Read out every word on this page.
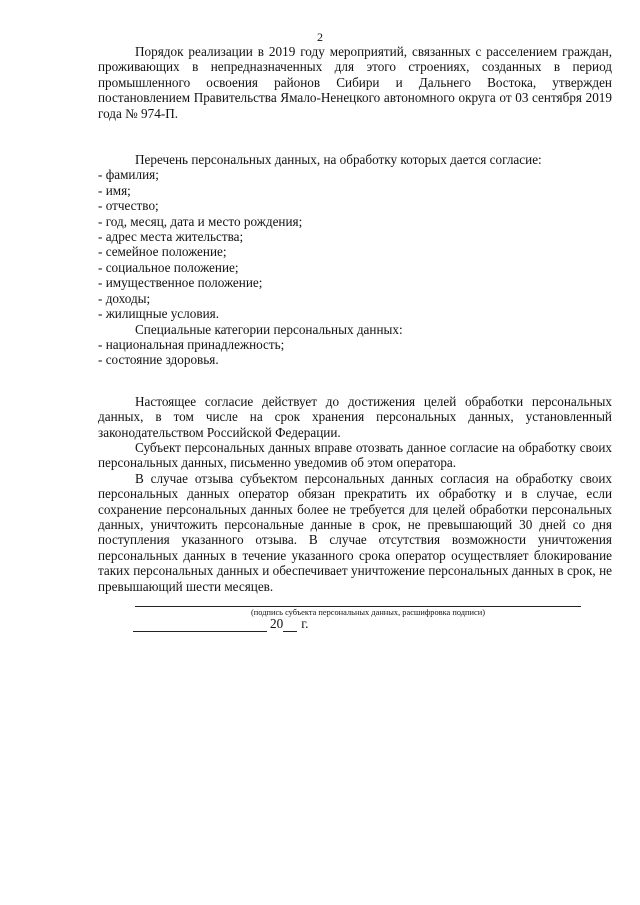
2

Порядок реализации в 2019 году мероприятий, связанных с расселением граждан, проживающих в непредназначенных для этого строениях, созданных в период промышленного освоения районов Сибири и Дальнего Востока, утвержден постановлением Правительства Ямало-Ненецкого автономного округа от 03 сентября 2019 года № 974-П.

Перечень персональных данных, на обработку которых дается согласие:

- фамилия;
- имя;
- отчество;
- год, месяц, дата и место рождения;
- адрес места жительства;
- семейное положение;
- социальное положение;
- имущественное положение;
- доходы;
- жилищные условия.

Специальные категории персональных данных:

- национальная принадлежность;
- состояние здоровья.

Настоящее согласие действует до достижения целей обработки персональных данных, в том числе на срок хранения персональных данных, установленный законодательством Российской Федерации.

Субъект персональных данных вправе отозвать данное согласие на обработку своих персональных данных, письменно уведомив об этом оператора.

В случае отзыва субъектом персональных данных согласия на обработку своих персональных данных оператор обязан прекратить их обработку и в случае, если сохранение персональных данных более не требуется для целей обработки персональных данных, уничтожить персональные данные в срок, не превышающий 30 дней со дня поступления указанного отзыва. В случае отсутствия возможности уничтожения персональных данных в течение указанного срока оператор осуществляет блокирование таких персональных данных и обеспечивает уничтожение персональных данных в срок, не превышающий шести месяцев.

(подпись субъекта персональных данных, расшифровка подписи)
20 г.
